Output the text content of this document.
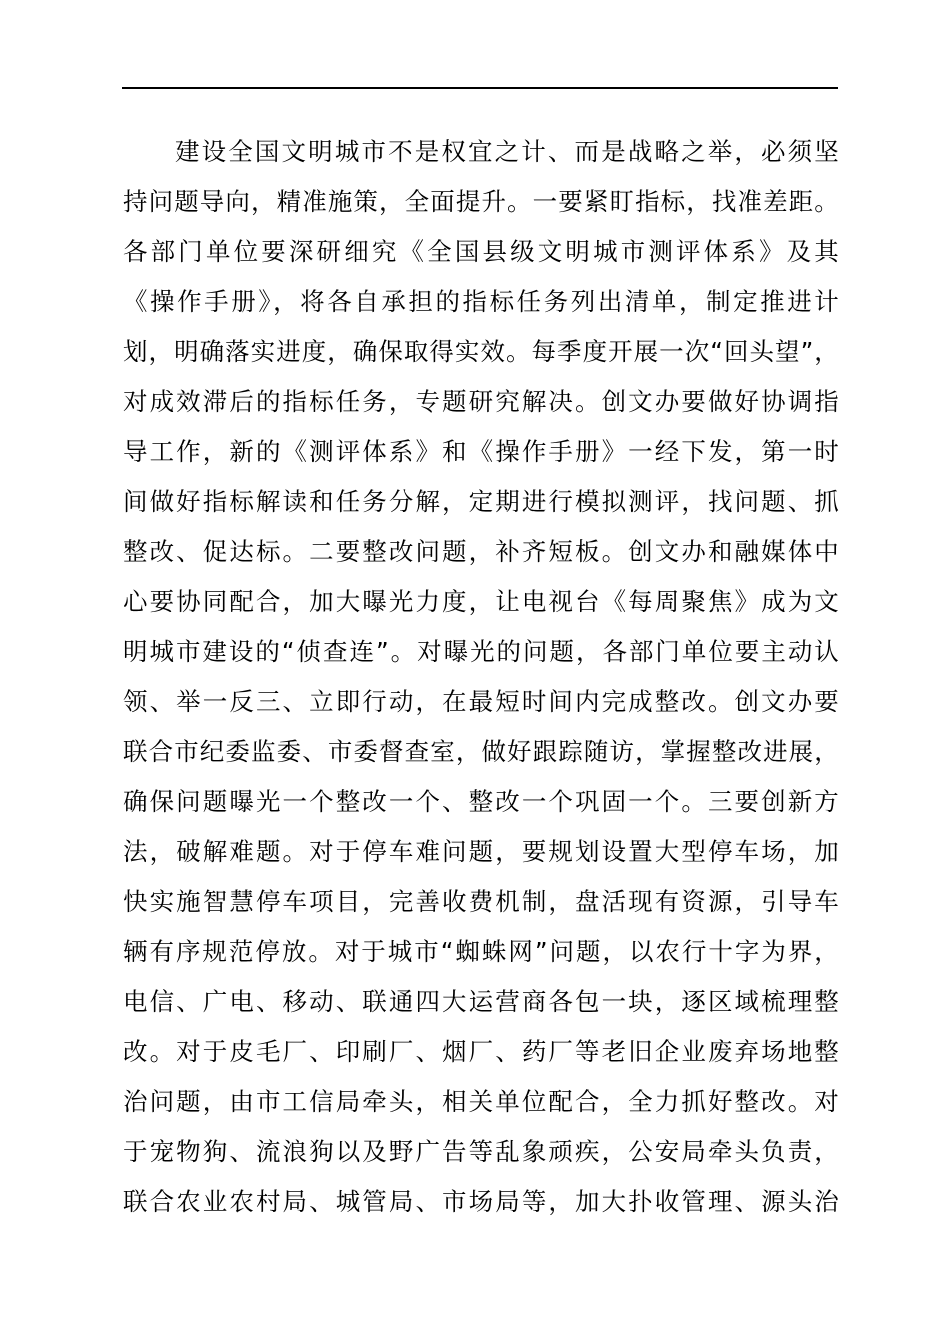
建设全国文明城市不是权宜之计、而是战略之举，必须坚
持问题导向，精准施策，全面提升。一要紧盯指标，找准差距。
各部门单位要深研细究《全国县级文明城市测评体系》及其
《操作手册》，将各自承担的指标任务列出清单，制定推进计
划，明确落实进度，确保取得实效。每季度开展一次“回头望”，
对成效滞后的指标任务，专题研究解决。创文办要做好协调指
导工作，新的《测评体系》和《操作手册》一经下发，第一时
间做好指标解读和任务分解，定期进行模拟测评，找问题、抓
整改、促达标。二要整改问题，补齐短板。创文办和融媒体中
心要协同配合，加大曝光力度，让电视台《每周聚焦》成为文
明城市建设的“侦查连”。对曝光的问题，各部门单位要主动认
领、举一反三、立即行动，在最短时间内完成整改。创文办要
联合市纪委监委、市委督查室，做好跟踪随访，掌握整改进展，
确保问题曝光一个整改一个、整改一个巩固一个。三要创新方
法，破解难题。对于停车难问题，要规划设置大型停车场，加
快实施智慧停车项目，完善收费机制，盘活现有资源，引导车
辆有序规范停放。对于城市“蜘蛛网”问题，以农行十字为界，
电信、广电、移动、联通四大运营商各包一块，逐区域梳理整
改。对于皮毛厂、印刷厂、烟厂、药厂等老旧企业废弃场地整
治问题，由市工信局牵头，相关单位配合，全力抓好整改。对
于宠物狗、流浪狗以及野广告等乱象顽疾，公安局牵头负责，
联合农业农村局、城管局、市场局等，加大扑收管理、源头治
